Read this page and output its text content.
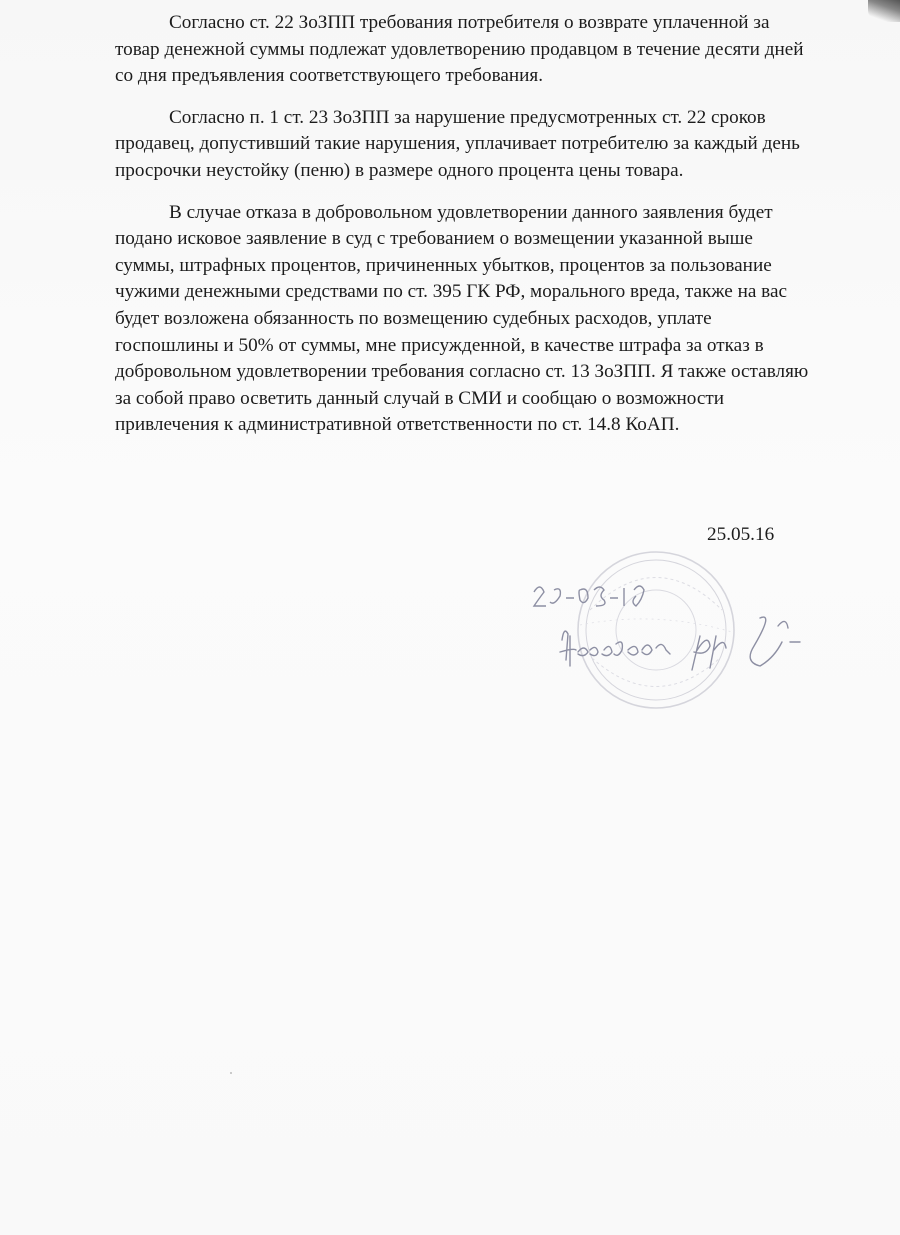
Согласно ст. 22 ЗоЗПП требования потребителя о возврате уплаченной за товар денежной суммы подлежат удовлетворению продавцом в течение десяти дней со дня предъявления соответствующего требования.

Согласно п. 1 ст. 23 ЗоЗПП за нарушение предусмотренных ст. 22 сроков продавец, допустивший такие нарушения, уплачивает потребителю за каждый день просрочки неустойку (пеню) в размере одного процента цены товара.

В случае отказа в добровольном удовлетворении данного заявления будет подано исковое заявление в суд с требованием о возмещении указанной выше суммы, штрафных процентов, причиненных убытков, процентов за пользование чужими денежными средствами по ст. 395 ГК РФ, морального вреда, также на вас будет возложена обязанность по возмещению судебных расходов, уплате госпошлины и 50% от суммы, мне присужденной, в качестве штрафа за отказ в добровольном удовлетворении требования согласно ст. 13 ЗоЗПП. Я также оставляю за собой право осветить данный случай в СМИ и сообщаю о возможности привлечения к административной ответственности по ст. 14.8 КоАП.

25.05.16
